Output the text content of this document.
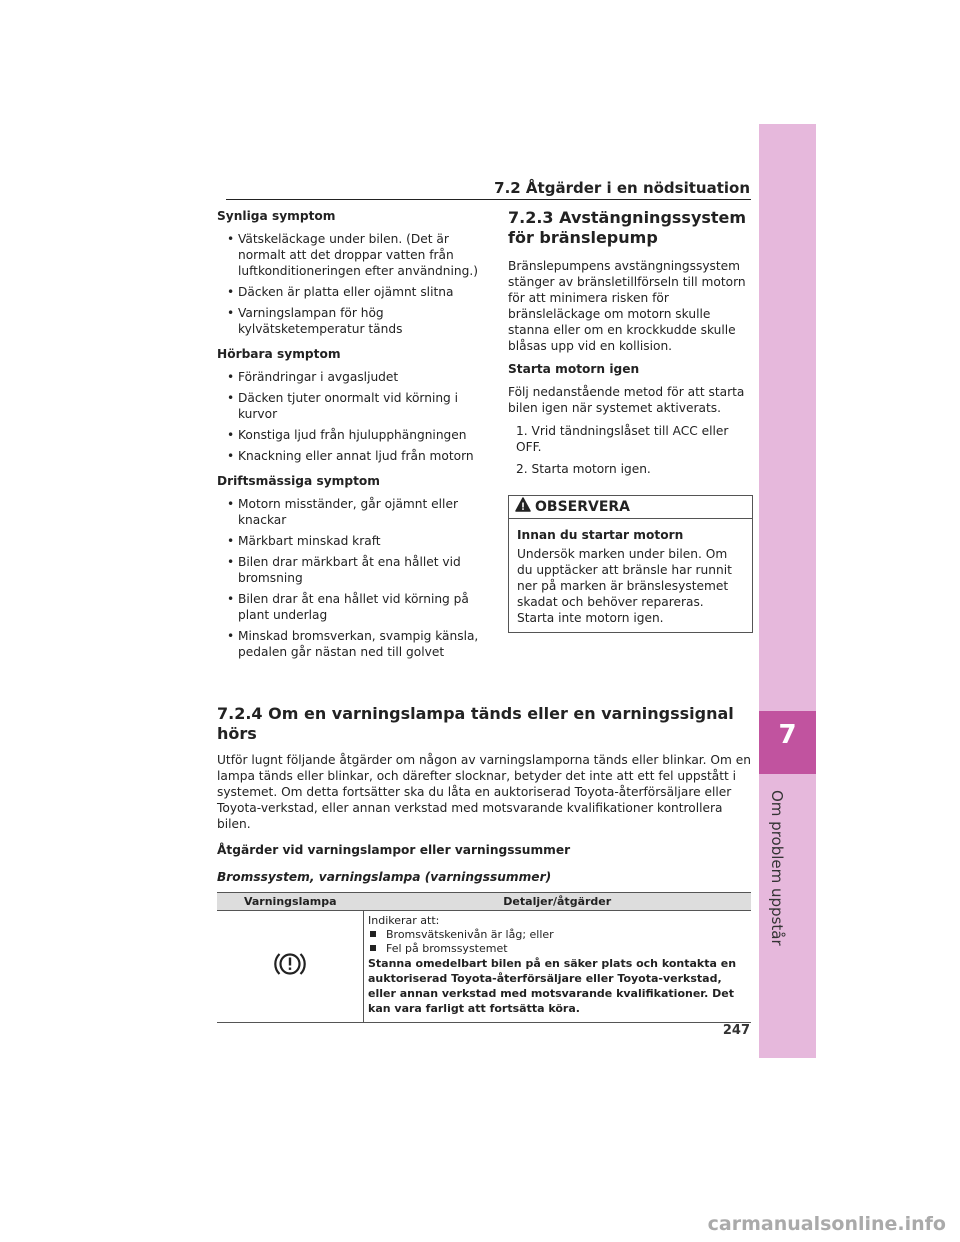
7
Om problem uppstår
7.2 Åtgärder i en nödsituation
Synliga symptom
• Vätskeläckage under bilen. (Det är normalt att det droppar vatten från luftkonditioneringen efter användning.)
• Däcken är platta eller ojämnt slitna
• Varningslampan för hög kylvätsketemperatur tänds
Hörbara symptom
• Förändringar i avgasljudet
• Däcken tjuter onormalt vid körning i kurvor
• Konstiga ljud från hjulupphängningen
• Knackning eller annat ljud från motorn
Driftsmässiga symptom
• Motorn misständer, går ojämnt eller knackar
• Märkbart minskad kraft
• Bilen drar märkbart åt ena hållet vid bromsning
• Bilen drar åt ena hållet vid körning på plant underlag
• Minskad bromsverkan, svampig känsla, pedalen går nästan ned till golvet
7.2.3 Avstängningssystem för bränslepump

Bränslepumpens avstängningssystem stänger av bränsletillförseln till motorn för att minimera risken för bränsleläckage om motorn skulle stanna eller om en krockkudde skulle blåsas upp vid en kollision.

Starta motorn igen

Följ nedanstående metod för att starta bilen igen när systemet aktiverats.

1. Vrid tändningslåset till ACC eller OFF.
2. Starta motorn igen.
OBSERVERA
Innan du startar motorn

Undersök marken under bilen. Om du upptäcker att bränsle har runnit ner på marken är bränslesystemet skadat och behöver repareras. Starta inte motorn igen.

7.2.4 Om en varningslampa tänds eller en varningssignal hörs

Utför lugnt följande åtgärder om någon av varningslamporna tänds eller blinkar. Om en lampa tänds eller blinkar, och därefter slocknar, betyder det inte att ett fel uppstått i systemet. Om detta fortsätter ska du låta en auktoriserad Toyota-återförsäljare eller Toyota-verkstad, eller annan verkstad med motsvarande kvalifikationer kontrollera bilen.

Åtgärder vid varningslampor eller varningssummer
Bromssystem, varningslampa (varningssummer)
Varningslampa	Detaljer/åtgärder

Indikerar att:
Bromsvätskenivån är låg; eller
Fel på bromssystemet
Stanna omedelbart bilen på en säker plats och kontakta en auktoriserad Toyota-återförsäljare eller Toyota-verkstad, eller annan verkstad med motsvarande kvalifikationer. Det kan vara farligt att fortsätta köra.
247
carmanualsonline.info
